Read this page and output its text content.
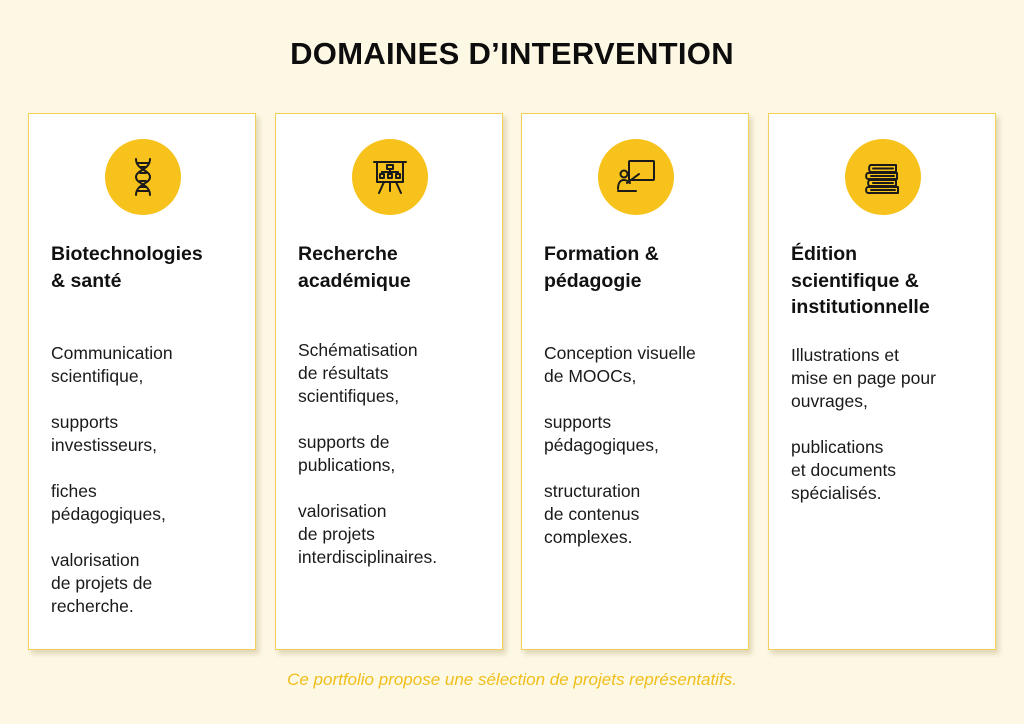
DOMAINES D’INTERVENTION
Biotechnologies
& santé

Communication
scientifique,

supports
investisseurs,

fiches
pédagogiques,

valorisation
de projets de
recherche.

Recherche
académique

Schématisation
de résultats
scientifiques,

supports de
publications,

valorisation
de projets
interdisciplinaires.

Formation &
pédagogie

Conception visuelle
de MOOCs,

supports
pédagogiques,

structuration
de contenus
complexes.

Édition
scientifique &
institutionnelle

Illustrations et
mise en page pour
ouvrages,

publications
et documents
spécialisés.

Ce portfolio propose une sélection de projets représentatifs.
